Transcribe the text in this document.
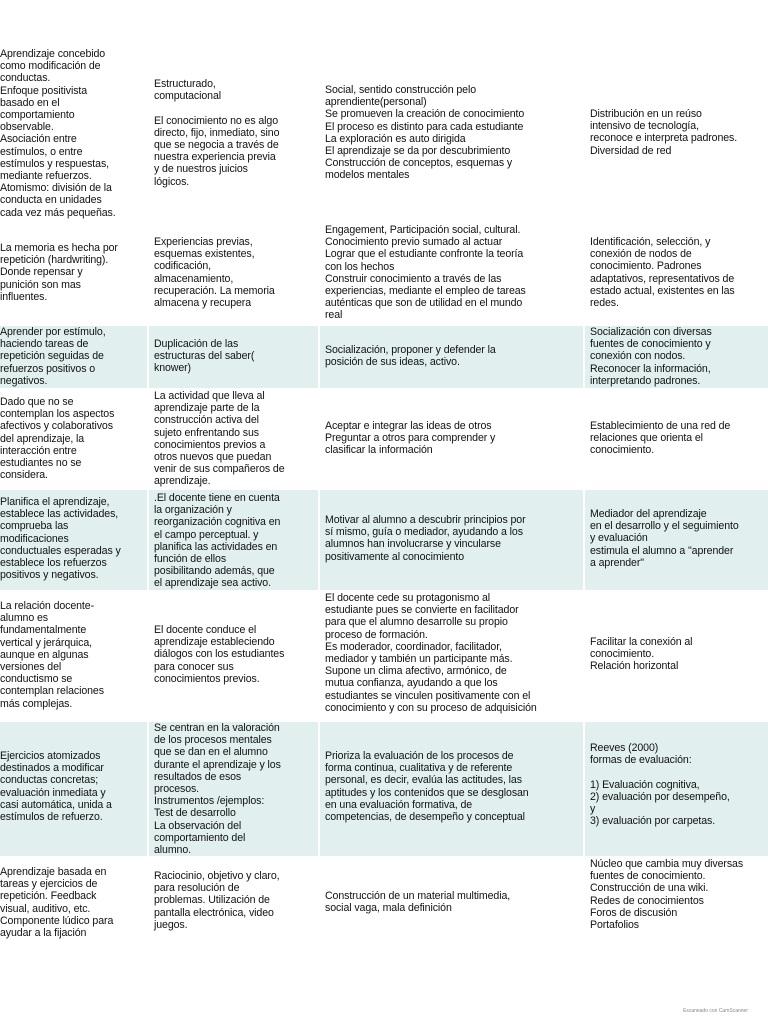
Aprendizaje concebido
como modificación de
conductas.
Enfoque positivista
basado en el
comportamiento
observable.
Asociación entre
estímulos, o entre
estímulos y respuestas,
mediante refuerzos.
Atomismo: división de la
conducta en unidades
cada vez más pequeñas.
Estructurado,
computacional

El conocimiento no es algo
directo, fijo, inmediato, sino
que se negocia a través de
nuestra experiencia previa
y de nuestros juicios
lógicos.
Social, sentido construcción pelo
aprendiente(personal)
Se promueven la creación de conocimiento
El proceso es distinto para cada estudiante
La exploración es auto dirigida
El aprendizaje se da por descubrimiento
Construcción de conceptos, esquemas y
modelos mentales
Distribución en un reúso
intensivo de tecnología,
reconoce e interpreta padrones.
Diversidad de red
La memoria es hecha por
repetición (hardwriting).
Donde repensar y
punición son mas
influentes.
Experiencias previas,
esquemas existentes,
codificación,
almacenamiento,
recuperación. La memoria
almacena y recupera
Engagement, Participación social, cultural.
Conocimiento previo sumado al actuar
Lograr que el estudiante confronte la teoría
con los hechos
Construir conocimiento a través de las
experiencias, mediante el empleo de tareas
auténticas que son de utilidad en el mundo
real
Identificación, selección, y
conexión de nodos de
conocimiento. Padrones
adaptativos, representativos de
estado actual, existentes en las
redes.
Aprender por estímulo,
haciendo tareas de
repetición seguidas de
refuerzos positivos o
negativos.
Duplicación de las
estructuras del saber(
knower)
Socialización, proponer y defender la
posición de sus ideas, activo.
Socialización con diversas
fuentes de conocimiento y
conexión con nodos.
Reconocer la información,
interpretando padrones.
Dado que no se
contemplan los aspectos
afectivos y colaborativos
del aprendizaje, la
interacción entre
estudiantes no se
considera.
La actividad que lleva al
aprendizaje parte de la
construcción activa del
sujeto enfrentando sus
conocimientos previos a
otros nuevos que puedan
venir de sus compañeros de
aprendizaje.
Aceptar e integrar las ideas de otros
Preguntar a otros para comprender y
clasificar la información
Establecimiento de una red de
relaciones que orienta el
conocimiento.
Planifica el aprendizaje,
establece las actividades,
comprueba las
modificaciones
conductuales esperadas y
establece los refuerzos
positivos y negativos.
.El docente tiene en cuenta
la organización y
reorganización cognitiva en
el campo perceptual. y
planifica las actividades en
función de ellos
posibilitando además, que
el aprendizaje sea activo.
Motivar al alumno a descubrir principios por
sí mismo, guía o mediador, ayudando a los
alumnos han involucrarse y vincularse
positivamente al conocimiento
Mediador del aprendizaje
en el desarrollo y el seguimiento
y evaluación
estimula el alumno a "aprender
a aprender"
La relación docente-
alumno es
fundamentalmente
vertical y jerárquica,
aunque en algunas
versiones del
conductismo se
contemplan relaciones
más complejas.
El docente conduce el
aprendizaje estableciendo
diálogos con los estudiantes
para conocer sus
conocimientos previos.
El docente cede su protagonismo al
estudiante pues se convierte en facilitador
para que el alumno desarrolle su propio
proceso de formación.
Es moderador, coordinador, facilitador,
mediador y también un participante más.
Supone un clima afectivo, armónico, de
mutua confianza, ayudando a que los
estudiantes se vinculen positivamente con el
conocimiento y con su proceso de adquisición
Facilitar la conexión al
conocimiento.
Relación horizontal
Ejercicios atomizados
destinados a modificar
conductas concretas;
evaluación inmediata y
casi automática, unida a
estímulos de refuerzo.
Se centran en la valoración
de los procesos mentales
que se dan en el alumno
durante el aprendizaje y los
resultados de esos
procesos.
Instrumentos /ejemplos:
Test de desarrollo
La observación del
comportamiento del
alumno.
Prioriza la evaluación de los procesos de
forma continua, cualitativa y de referente
personal, es decir, evalúa las actitudes, las
aptitudes y los contenidos que se desglosan
en una evaluación formativa, de
competencias, de desempeño y conceptual
Reeves (2000)
formas de evaluación:

1) Evaluación cognitiva,
2) evaluación por desempeño,
y
3) evaluación por carpetas.
Aprendizaje basada en
tareas y ejercicios de
repetición. Feedback
visual, auditivo, etc.
Componente lúdico para
ayudar a la fijación
Raciocinio, objetivo y claro,
para resolución de
problemas. Utilización de
pantalla electrónica, video
juegos.
Construcción de un material multimedia,
social vaga, mala definición
Núcleo que cambia muy diversas
fuentes de conocimiento.
Construcción de una wiki.
Redes de conocimientos
Foros de discusión
Portafolios
Escaneado con CamScanner
